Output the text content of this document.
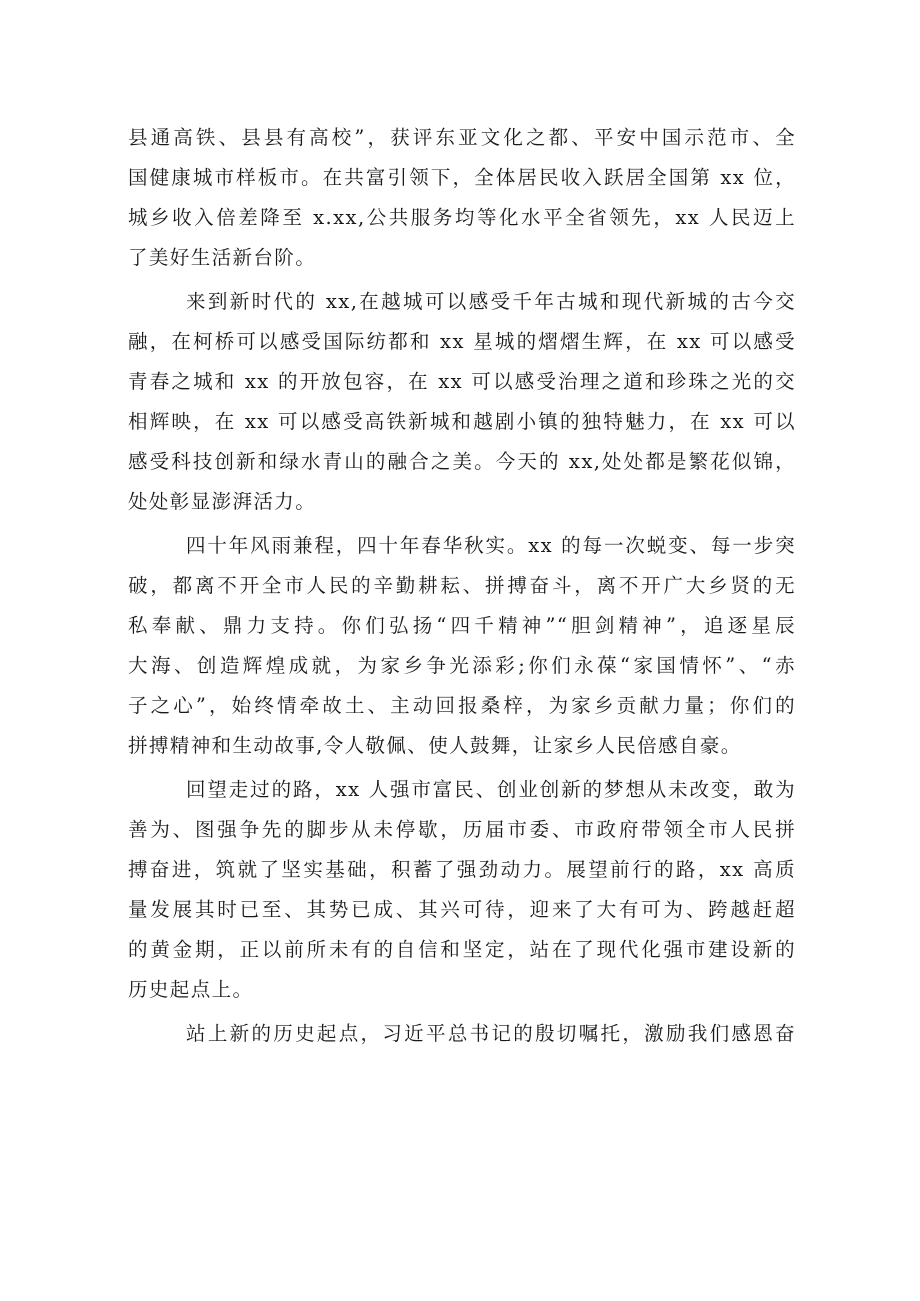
县通高铁、县县有高校”，获评东亚文化之都、平安中国示范市、全
国健康城市样板市。在共富引领下，全体居民收入跃居全国第 xx 位，
城乡收入倍差降至 x.xx,公共服务均等化水平全省领先，xx 人民迈上
了美好生活新台阶。
来到新时代的 xx,在越城可以感受千年古城和现代新城的古今交
融，在柯桥可以感受国际纺都和 xx 星城的熠熠生辉，在 xx 可以感受
青春之城和 xx 的开放包容，在 xx 可以感受治理之道和珍珠之光的交
相辉映，在 xx 可以感受高铁新城和越剧小镇的独特魅力，在 xx 可以
感受科技创新和绿水青山的融合之美。今天的 xx,处处都是繁花似锦，
处处彰显澎湃活力。
四十年风雨兼程，四十年春华秋实。xx 的每一次蜕变、每一步突
破，都离不开全市人民的辛勤耕耘、拼搏奋斗，离不开广大乡贤的无
私奉献、鼎力支持。你们弘扬“四千精神”“胆剑精神”，追逐星辰
大海、创造辉煌成就，为家乡争光添彩;你们永葆“家国情怀”、“赤
子之心”，始终情牵故土、主动回报桑梓，为家乡贡献力量；你们的
拼搏精神和生动故事,令人敬佩、使人鼓舞，让家乡人民倍感自豪。
回望走过的路，xx 人强市富民、创业创新的梦想从未改变，敢为
善为、图强争先的脚步从未停歇，历届市委、市政府带领全市人民拼
搏奋进，筑就了坚实基础，积蓄了强劲动力。展望前行的路，xx 高质
量发展其时已至、其势已成、其兴可待，迎来了大有可为、跨越赶超
的黄金期，正以前所未有的自信和坚定，站在了现代化强市建设新的
历史起点上。
站上新的历史起点，习近平总书记的殷切嘱托，激励我们感恩奋
